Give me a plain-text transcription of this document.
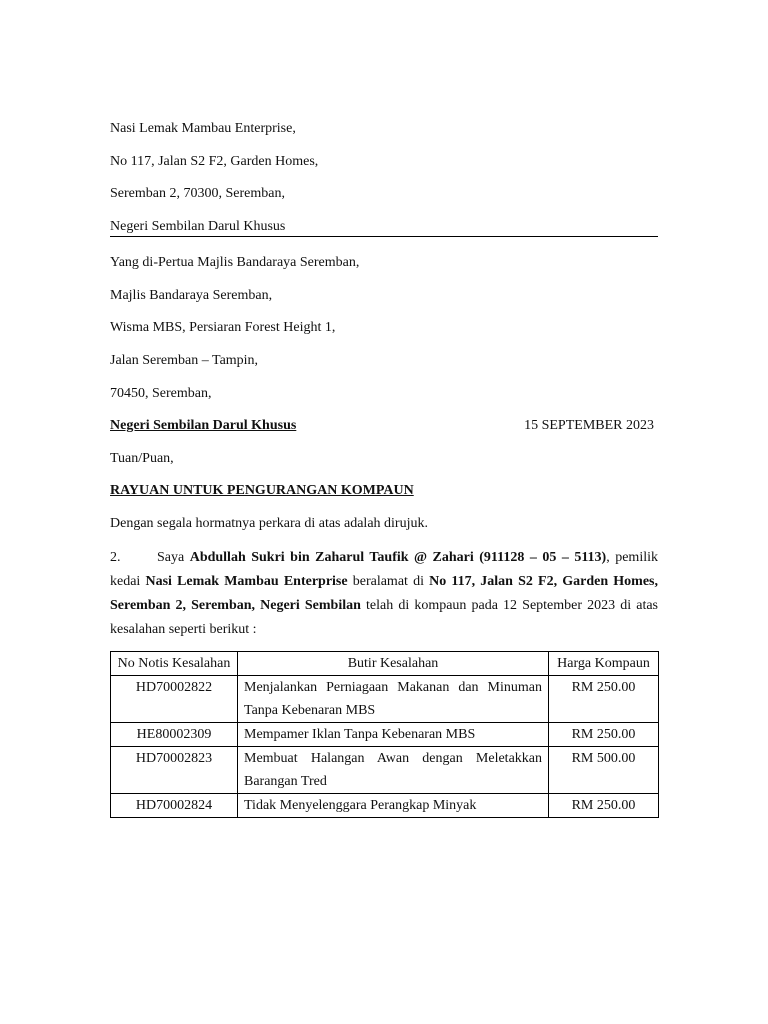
Nasi Lemak Mambau Enterprise,
No 117, Jalan S2 F2, Garden Homes,
Seremban 2, 70300, Seremban,
Negeri Sembilan Darul Khusus
Yang di-Pertua Majlis Bandaraya Seremban,
Majlis Bandaraya Seremban,
Wisma MBS, Persiaran Forest Height 1,
Jalan Seremban – Tampin,
70450, Seremban,
Negeri Sembilan Darul Khusus	15 SEPTEMBER 2023
Tuan/Puan,
RAYUAN UNTUK PENGURANGAN KOMPAUN
Dengan segala hormatnya perkara di atas adalah dirujuk.
2.	Saya Abdullah Sukri bin Zaharul Taufik @ Zahari (911128 – 05 – 5113), pemilik kedai Nasi Lemak Mambau Enterprise beralamat di No 117, Jalan S2 F2, Garden Homes, Seremban 2, Seremban, Negeri Sembilan telah di kompaun pada 12 September 2023 di atas kesalahan seperti berikut :
No Notis Kesalahan	Butir Kesalahan	Harga Kompaun
HD70002822	Menjalankan Perniagaan Makanan dan Minuman Tanpa Kebenaran MBS	RM 250.00
HE80002309	Mempamer Iklan Tanpa Kebenaran MBS	RM 250.00
HD70002823	Membuat Halangan Awan dengan Meletakkan Barangan Tred	RM 500.00
HD70002824	Tidak Menyelenggara Perangkap Minyak	RM 250.00
